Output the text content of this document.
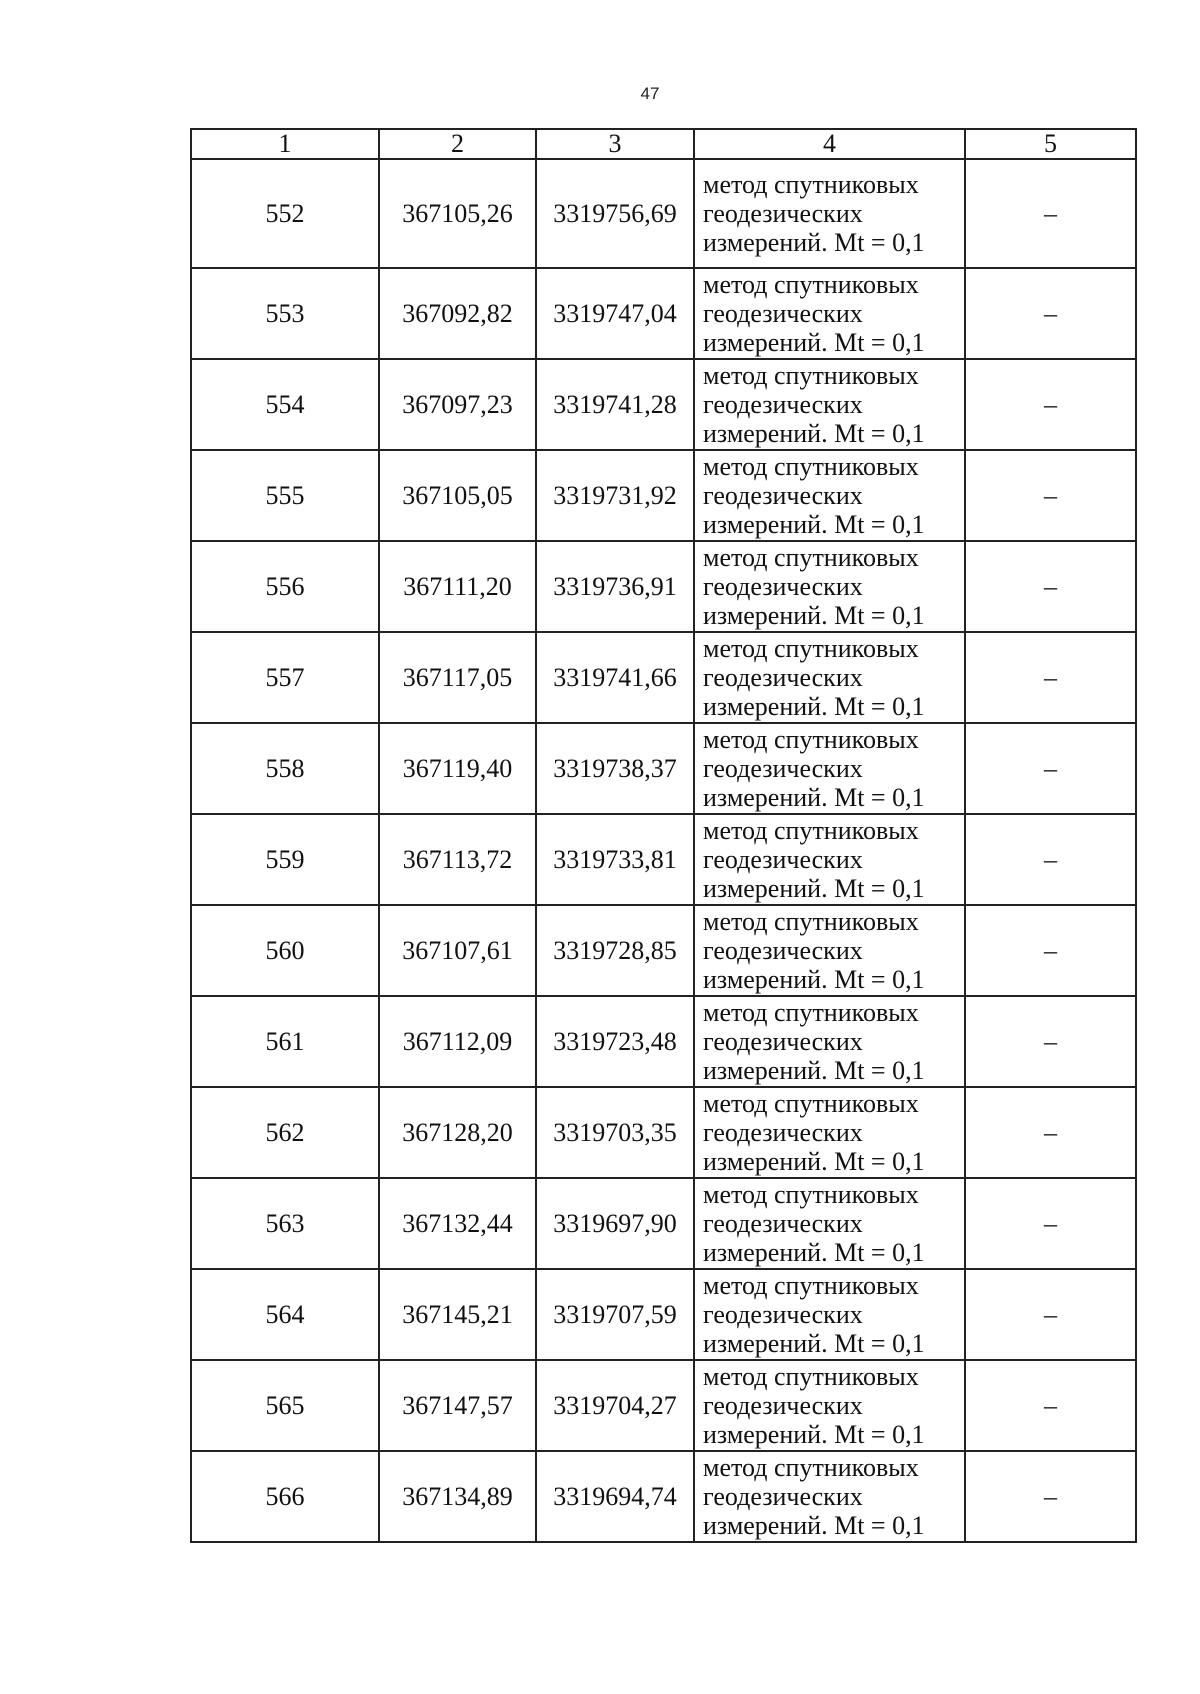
47
1	2	3	4	5
552	367105,26	3319756,69	метод спутниковых
геодезических
измерений. Mt = 0,1	–
553	367092,82	3319747,04	метод спутниковых
геодезических
измерений. Mt = 0,1	–
554	367097,23	3319741,28	метод спутниковых
геодезических
измерений. Mt = 0,1	–
555	367105,05	3319731,92	метод спутниковых
геодезических
измерений. Mt = 0,1	–
556	367111,20	3319736,91	метод спутниковых
геодезических
измерений. Mt = 0,1	–
557	367117,05	3319741,66	метод спутниковых
геодезических
измерений. Mt = 0,1	–
558	367119,40	3319738,37	метод спутниковых
геодезических
измерений. Mt = 0,1	–
559	367113,72	3319733,81	метод спутниковых
геодезических
измерений. Mt = 0,1	–
560	367107,61	3319728,85	метод спутниковых
геодезических
измерений. Mt = 0,1	–
561	367112,09	3319723,48	метод спутниковых
геодезических
измерений. Mt = 0,1	–
562	367128,20	3319703,35	метод спутниковых
геодезических
измерений. Mt = 0,1	–
563	367132,44	3319697,90	метод спутниковых
геодезических
измерений. Mt = 0,1	–
564	367145,21	3319707,59	метод спутниковых
геодезических
измерений. Mt = 0,1	–
565	367147,57	3319704,27	метод спутниковых
геодезических
измерений. Mt = 0,1	–
566	367134,89	3319694,74	метод спутниковых
геодезических
измерений. Mt = 0,1	–
